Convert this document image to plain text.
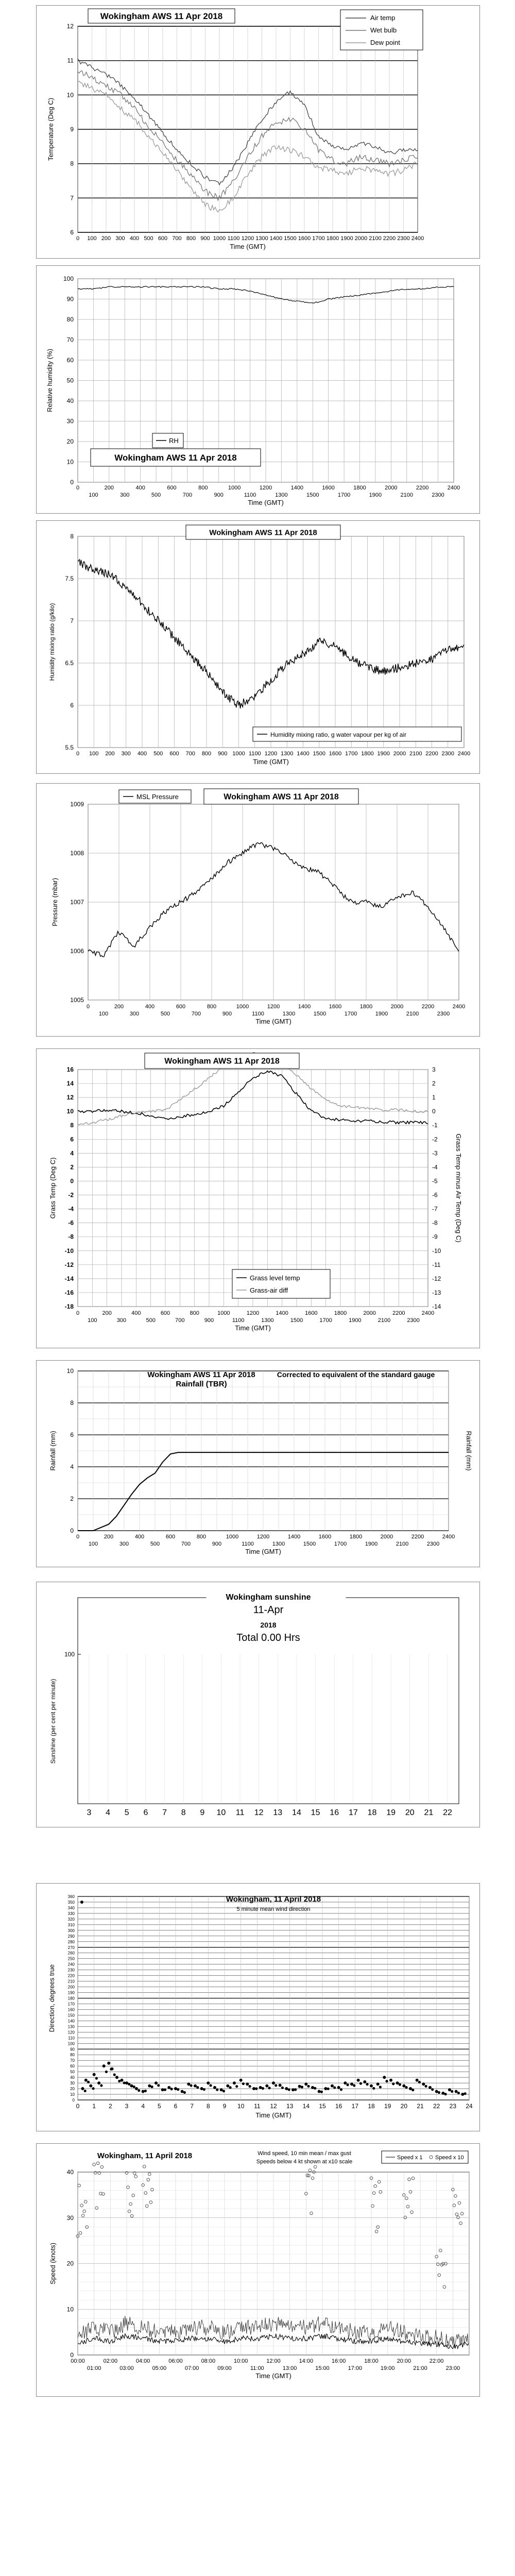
6
7
8
9
10
11
12
0 100 200 300 400 500 600 700 800 900 1000 1100 1200 1300 1400 1500 1600 1700 1800 1900 2000 2100 2200 2300 2400
Time (GMT)
Temperature (Deg C)
Wokingham AWS 11 Apr 2018	Air temp
Wet bulb
Dew point
0
10
20
30
40
50
60
70
80
90
100
0	200	400	600	800	1000	1200	1400	1600	1800	2000	2200	2400
100	300	500	700	900	1100	1300	1500	1700	1900	2100	2300
Time (GMT)
Relative humidity (%)
RH
Wokingham AWS 11 Apr 2018
5.5
6
6.5
7
7.5
8
0 100 200 300 400 500 600 700 800 900 1000 1100 1200 1300 1400 1500 1600 1700 1800 1900 2000 2100 2200 2300 2400
Time (GMT)
Humidity mixing ratio (g/kilo)
Wokingham AWS 11 Apr 2018
Humidity mixing ratio, g water vapour per kg of air
1005
1006
1007
1008
1009
0	200	400	600	800	1000	1200	1400	1600	1800	2000	2200	2400
100	300	500	700	900	1100	1300	1500	1700	1900	2100	2300
Time (GMT)
Pressure (mbar)
MSL Pressure	Wokingham AWS 11 Apr 2018
16	3
14	2
12	1
10	0
8	-1
6	-2
4	-3
2	-4
0	-5
-2	-6
-4	-7
-6	-8
-8	-9
-10	-10
-12	-11
-14	-12
-16	-13
-18	-14
0	200	400	600	800	1000	1200	1400	1600	1800	2000	2200	2400
100	300	500	700	900	1100	1300	1500	1700	1900	2100	2300
Time (GMT)
Grass Temp (Deg C)	Grass Temp minus Air Temp (Deg C)
Wokingham AWS 11 Apr 2018
Grass level temp
Grass-air diff
0
2
4
6
8
10
0	200	400	600	800	1000	1200	1400	1600	1800	2000	2200	2400
100	300	500	700	900	1100	1300	1500	1700	1900	2100	2300
Time (GMT)
Rainfall (mm)	Rainfall (mm)
Wokingham AWS 11 Apr 2018
Rainfall (TBR)
Corrected to equivalent of the standard gauge
3 4 5 6 7 8 9 10 11 12 13 14 15 16 17 18 19 20 21 22
100
Sunshine (per cent per minute)
Wokingham sunshine
11-Apr
2018
Total 0.00 Hrs
0
10
20
30
40
50
60
70
80
90
100
110
120
130
140
150
160
170
180
190
200
210
220
230
240
250
260
270
280
290
300
310
320
330
340
350
360
0 1 2 3 4 5 6 7 8 9 10 11 12 13 14 15 16 17 18 19 20 21 22 23 24
Time (GMT)
Direction, degrees true
Wokingham, 11 April 2018
5 minute mean wind direction
0
10
20
30
40
00:00	02:00	04:00	06:00	08:00	10:00	12:00	14:00	16:00	18:00	20:00	22:00
01:00	03:00	05:00	07:00	09:00	11:00	13:00	15:00	17:00	19:00	21:00	23:00
Time (GMT)
Speed (knots)
Wokingham, 11 April 2018	Wind speed, 10 min mean / max gust
Speeds below 4 kt shown at x10 scale
Speed x 1 Speed x 10
